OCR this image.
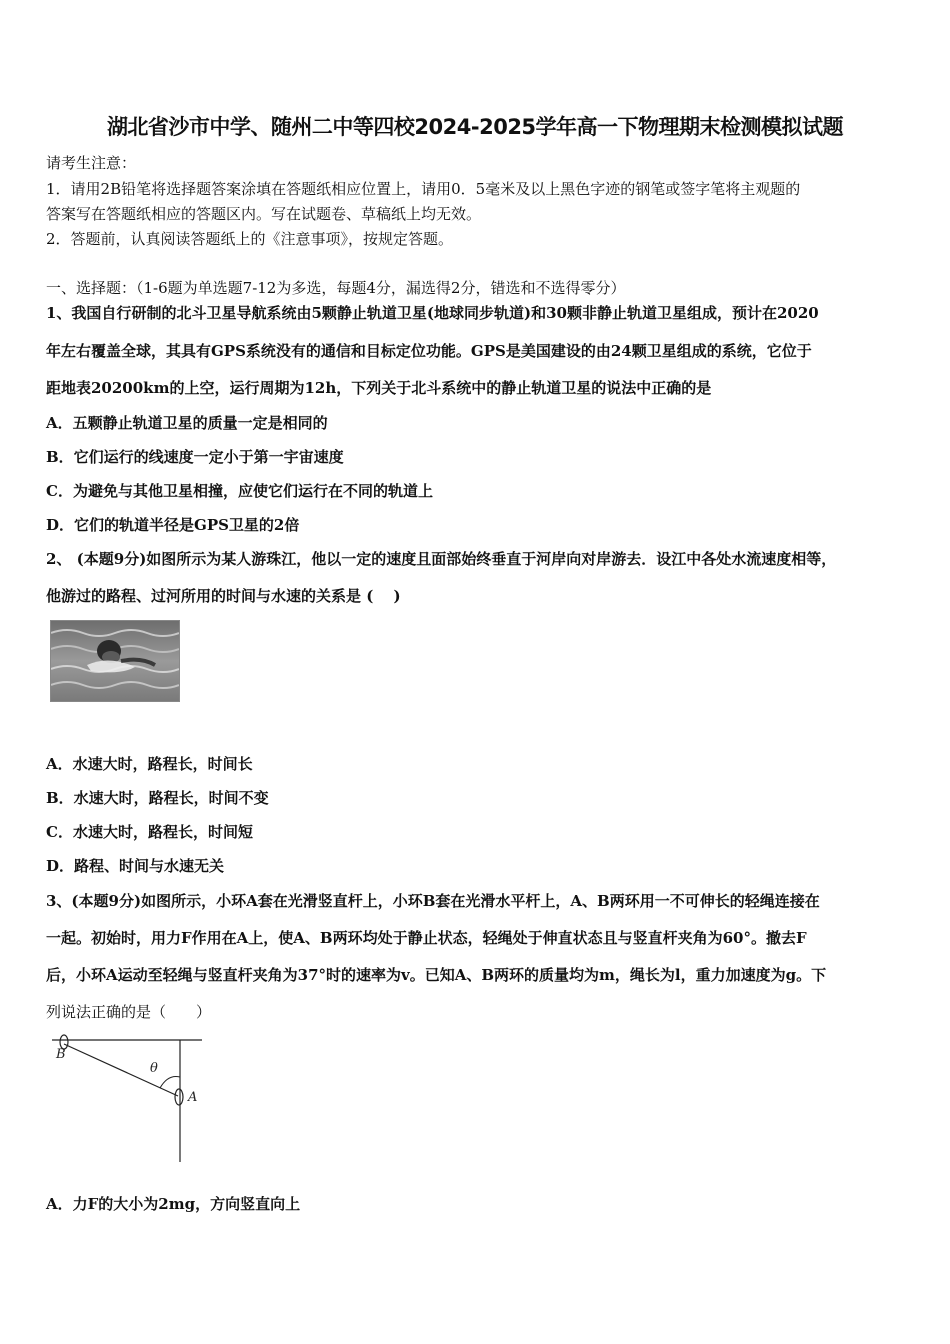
湖北省沙市中学、随州二中等四校2024-2025学年高一下物理期末检测模拟试题
请考生注意：
1．请用2B铅笔将选择题答案涂填在答题纸相应位置上，请用0．5毫米及以上黑色字迹的钢笔或签字笔将主观题的
答案写在答题纸相应的答题区内。写在试题卷、草稿纸上均无效。
2．答题前，认真阅读答题纸上的《注意事项》，按规定答题。
一、选择题：（1-6题为单选题7-12为多选，每题4分，漏选得2分，错选和不选得零分）
1、我国自行研制的北斗卫星导航系统由5颗静止轨道卫星(地球同步轨道)和30颗非静止轨道卫星组成，预计在2020
年左右覆盖全球，其具有GPS系统没有的通信和目标定位功能。GPS是美国建设的由24颗卫星组成的系统，它位于
距地表20200km的上空，运行周期为12h，下列关于北斗系统中的静止轨道卫星的说法中正确的是
A．五颗静止轨道卫星的质量一定是相同的
B．它们运行的线速度一定小于第一宇宙速度
C．为避免与其他卫星相撞，应使它们运行在不同的轨道上
D．它们的轨道半径是GPS卫星的2倍
2、 (本题9分)如图所示为某人游珠江，他以一定的速度且面部始终垂直于河岸向对岸游去．设江中各处水流速度相等，
他游过的路程、过河所用的时间与水速的关系是 (　 )
A．水速大时，路程长，时间长
B．水速大时，路程长，时间不变
C．水速大时，路程长，时间短
D．路程、时间与水速无关
3、(本题9分)如图所示，小环A套在光滑竖直杆上，小环B套在光滑水平杆上，A、B两环用一不可伸长的轻绳连接在
一起。初始时，用力F作用在A上，使A、B两环均处于静止状态，轻绳处于伸直状态且与竖直杆夹角为60°。撤去F
后，小环A运动至轻绳与竖直杆夹角为37°时的速率为v。已知A、B两环的质量均为m，绳长为l，重力加速度为g。下
列说法正确的是（　　）
B
A
θ
A．力F的大小为2mg，方向竖直向上
